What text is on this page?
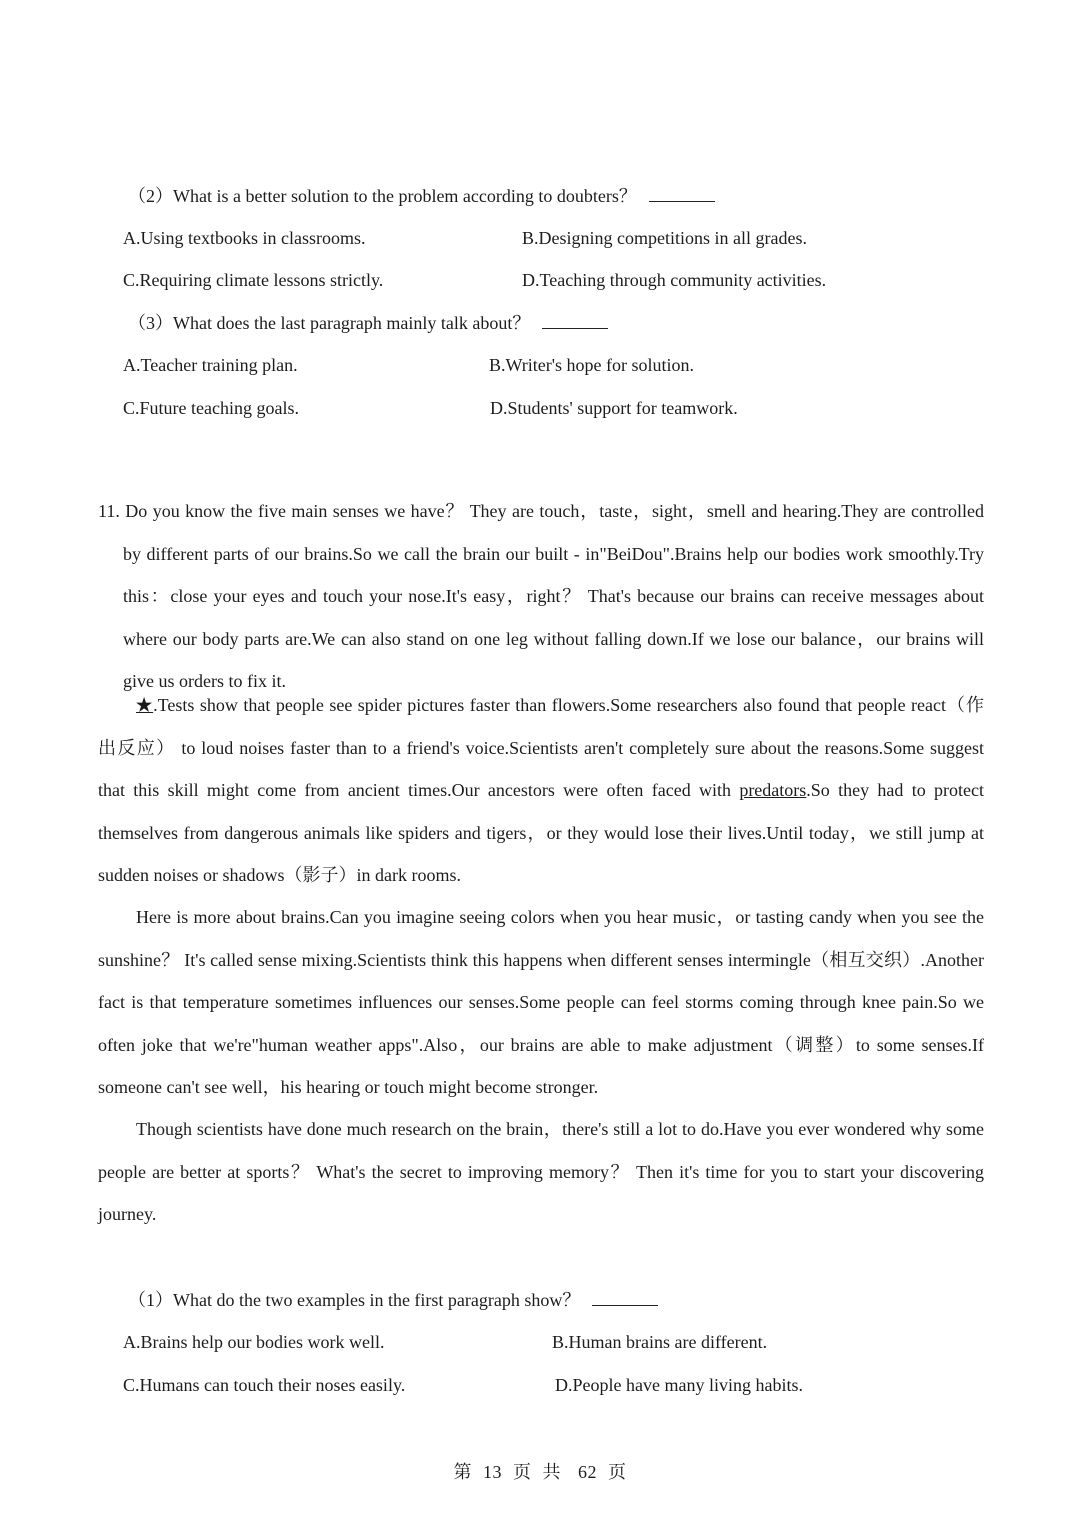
（2）What is a better solution to the problem according to doubters？
A.Using textbooks in classrooms.	B.Designing competitions in all grades.
C.Requiring climate lessons strictly.	D.Teaching through community activities.
（3）What does the last paragraph mainly talk about？
A.Teacher training plan.	B.Writer's hope for solution.
C.Future teaching goals.	D.Students' support for teamwork.

11. Do you know the five main senses we have？ They are touch，taste，sight，smell and hearing.They are controlled by different parts of our brains.So we call the brain our built - in"BeiDou".Brains help our bodies work smoothly.Try this：close your eyes and touch your nose.It's easy，right？ That's because our brains can receive messages about where our body parts are.We can also stand on one leg without falling down.If we lose our balance，our brains will give us orders to fix it.

★.Tests show that people see spider pictures faster than flowers.Some researchers also found that people react（作出反应） to loud noises faster than to a friend's voice.Scientists aren't completely sure about the reasons.Some suggest that this skill might come from ancient times.Our ancestors were often faced with predators.So they had to protect themselves from dangerous animals like spiders and tigers，or they would lose their lives.Until today，we still jump at sudden noises or shadows（影子）in dark rooms.

Here is more about brains.Can you imagine seeing colors when you hear music，or tasting candy when you see the sunshine？ It's called sense mixing.Scientists think this happens when different senses intermingle（相互交织）.Another fact is that temperature sometimes influences our senses.Some people can feel storms coming through knee pain.So we often joke that we're"human weather apps".Also，our brains are able to make adjustment（调整）to some senses.If someone can't see well，his hearing or touch might become stronger.

Though scientists have done much research on the brain，there's still a lot to do.Have you ever wondered why some people are better at sports？ What's the secret to improving memory？ Then it's time for you to start your discovering journey.

（1）What do the two examples in the first paragraph show？
A.Brains help our bodies work well.	B.Human brains are different.
C.Humans can touch their noses easily.	D.People have many living habits.
第 13 页 共 62 页
